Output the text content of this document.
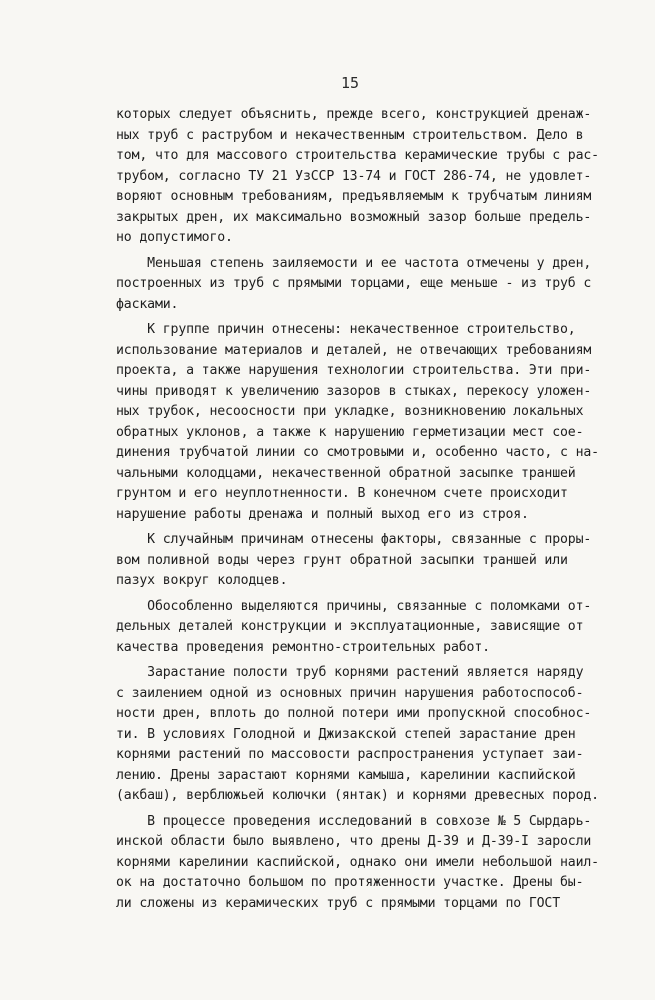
15
которых следует объяснить, прежде всего, конструкцией дренаж-
ных труб с раструбом и некачественным строительством. Дело в
том, что для массового строительства керамические трубы с рас-
трубом, согласно ТУ 21 УзССР 13-74 и ГОСТ 286-74, не удовлет-
воряют основным требованиям, предъявляемым к трубчатым линиям
закрытых дрен, их максимально возможный зазор больше предель-
но допустимого.
Меньшая степень заиляемости и ее частота отмечены у дрен,
построенных из труб с прямыми торцами, еще меньше - из труб с
фасками.
К группе причин отнесены: некачественное строительство,
использование материалов и деталей, не отвечающих требованиям
проекта, а также нарушения технологии строительства. Эти при-
чины приводят к увеличению зазоров в стыках, перекосу уложен-
ных трубок, несоосности при укладке, возникновению локальных
обратных уклонов, а также к нарушению герметизации мест сое-
динения трубчатой линии со смотровыми и, особенно часто, с на-
чальными колодцами, некачественной обратной засыпке траншей
грунтом и его неуплотненности. В конечном счете происходит
нарушение работы дренажа и полный выход его из строя.
К случайным причинам отнесены факторы, связанные с проры-
вом поливной воды через грунт обратной засыпки траншей или
пазух вокруг колодцев.
Обособленно выделяются причины, связанные с поломками от-
дельных деталей конструкции и эксплуатационные, зависящие от
качества проведения ремонтно-строительных работ.
Зарастание полости труб корнями растений является наряду
с заилением одной из основных причин нарушения работоспособ-
ности дрен, вплоть до полной потери ими пропускной способнос-
ти. В условиях Голодной и Джизакской степей зарастание дрен
корнями растений по массовости распространения уступает заи-
лению. Дрены зарастают корнями камыша, карелинии каспийской
(акбаш), верблюжьей колючки (янтак) и корнями древесных пород.
В процессе проведения исследований в совхозе № 5 Сырдарь-
инской области было выявлено, что дрены Д-39 и Д-39-I заросли
корнями карелинии каспийской, однако они имели небольшой наил-
ок на достаточно большом по протяженности участке. Дрены бы-
ли сложены из керамических труб с прямыми торцами по ГОСТ
